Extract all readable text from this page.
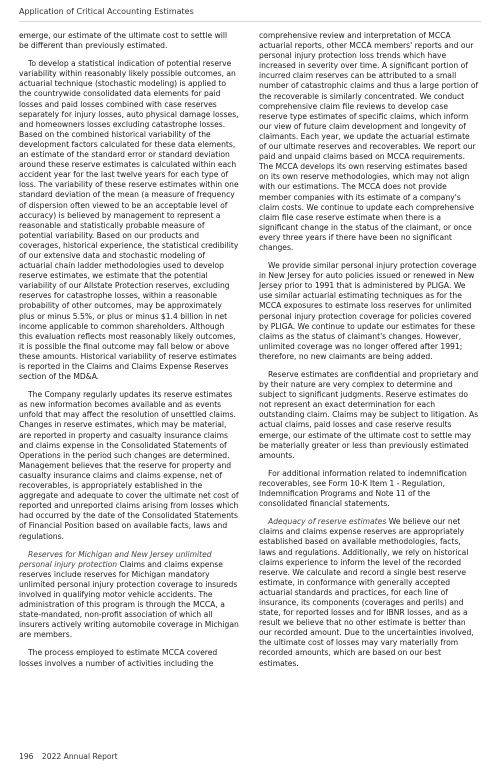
Application of Critical Accounting Estimates

emerge, our estimate of the ultimate cost to settle will be different than previously estimated.

To develop a statistical indication of potential reserve variability within reasonably likely possible outcomes, an actuarial technique (stochastic modeling) is applied to the countrywide consolidated data elements for paid losses and paid losses combined with case reserves separately for injury losses, auto physical damage losses, and homeowners losses excluding catastrophe losses. Based on the combined historical variability of the development factors calculated for these data elements, an estimate of the standard error or standard deviation around these reserve estimates is calculated within each accident year for the last twelve years for each type of loss. The variability of these reserve estimates within one standard deviation of the mean (a measure of frequency of dispersion often viewed to be an acceptable level of accuracy) is believed by management to represent a reasonable and statistically probable measure of potential variability. Based on our products and coverages, historical experience, the statistical credibility of our extensive data and stochastic modeling of actuarial chain ladder methodologies used to develop reserve estimates, we estimate that the potential variability of our Allstate Protection reserves, excluding reserves for catastrophe losses, within a reasonable probability of other outcomes, may be approximately plus or minus 5.5%, or plus or minus $1.4 billion in net income applicable to common shareholders. Although this evaluation reflects most reasonably likely outcomes, it is possible the final outcome may fall below or above these amounts. Historical variability of reserve estimates is reported in the Claims and Claims Expense Reserves section of the MD&A.

The Company regularly updates its reserve estimates as new information becomes available and as events unfold that may affect the resolution of unsettled claims. Changes in reserve estimates, which may be material, are reported in property and casualty insurance claims and claims expense in the Consolidated Statements of Operations in the period such changes are determined. Management believes that the reserve for property and casualty insurance claims and claims expense, net of recoverables, is appropriately established in the aggregate and adequate to cover the ultimate net cost of reported and unreported claims arising from losses which had occurred by the date of the Consolidated Statements of Financial Position based on available facts, laws and regulations.

Reserves for Michigan and New Jersey unlimited personal injury protection Claims and claims expense reserves include reserves for Michigan mandatory unlimited personal injury protection coverage to insureds involved in qualifying motor vehicle accidents. The administration of this program is through the MCCA, a state-mandated, non-profit association of which all insurers actively writing automobile coverage in Michigan are members.

The process employed to estimate MCCA covered losses involves a number of activities including the

comprehensive review and interpretation of MCCA actuarial reports, other MCCA members' reports and our personal injury protection loss trends which have increased in severity over time. A significant portion of incurred claim reserves can be attributed to a small number of catastrophic claims and thus a large portion of the recoverable is similarly concentrated. We conduct comprehensive claim file reviews to develop case reserve type estimates of specific claims, which inform our view of future claim development and longevity of claimants. Each year, we update the actuarial estimate of our ultimate reserves and recoverables. We report our paid and unpaid claims based on MCCA requirements. The MCCA develops its own reserving estimates based on its own reserve methodologies, which may not align with our estimations. The MCCA does not provide member companies with its estimate of a company's claim costs. We continue to update each comprehensive claim file case reserve estimate when there is a significant change in the status of the claimant, or once every three years if there have been no significant changes.

We provide similar personal injury protection coverage in New Jersey for auto policies issued or renewed in New Jersey prior to 1991 that is administered by PLIGA. We use similar actuarial estimating techniques as for the MCCA exposures to estimate loss reserves for unlimited personal injury protection coverage for policies covered by PLIGA. We continue to update our estimates for these claims as the status of claimant's changes. However, unlimited coverage was no longer offered after 1991; therefore, no new claimants are being added.

Reserve estimates are confidential and proprietary and by their nature are very complex to determine and subject to significant judgments. Reserve estimates do not represent an exact determination for each outstanding claim. Claims may be subject to litigation. As actual claims, paid losses and case reserve results emerge, our estimate of the ultimate cost to settle may be materially greater or less than previously estimated amounts.

For additional information related to indemnification recoverables, see Form 10-K Item 1 - Regulation, Indemnification Programs and Note 11 of the consolidated financial statements.

Adequacy of reserve estimates We believe our net claims and claims expense reserves are appropriately established based on available methodologies, facts, laws and regulations. Additionally, we rely on historical claims experience to inform the level of the recorded reserve. We calculate and record a single best reserve estimate, in conformance with generally accepted actuarial standards and practices, for each line of insurance, its components (coverages and perils) and state, for reported losses and for IBNR losses, and as a result we believe that no other estimate is better than our recorded amount. Due to the uncertainties involved, the ultimate cost of losses may vary materially from recorded amounts, which are based on our best estimates.

196 2022 Annual Report
